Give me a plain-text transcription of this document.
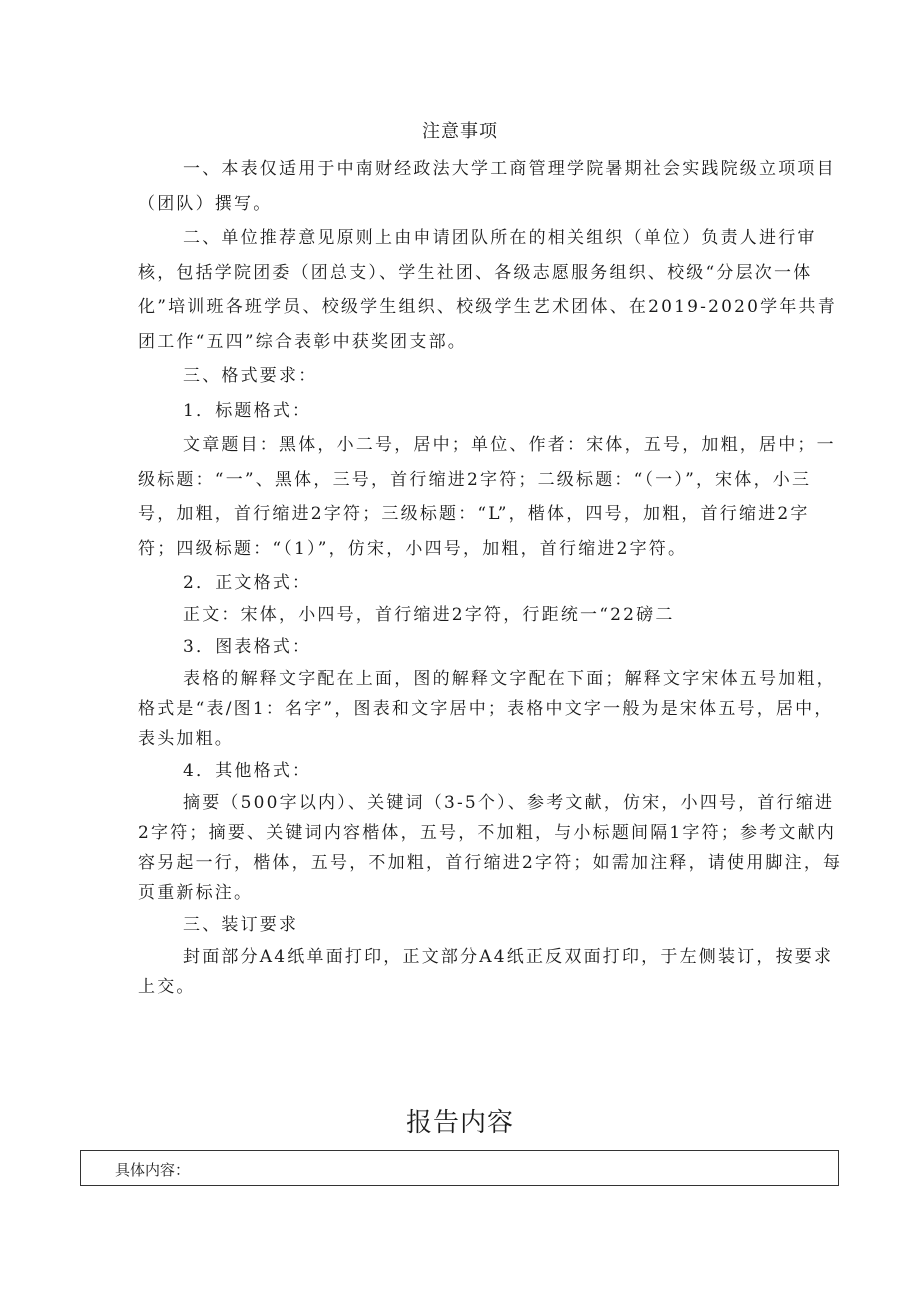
注意事项

一、本表仅适用于中南财经政法大学工商管理学院暑期社会实践院级立项项目（团队）撰写。

二、单位推荐意见原则上由申请团队所在的相关组织（单位）负责人进行审核，包括学院团委（团总支）、学生社团、各级志愿服务组织、校级“分层次一体化”培训班各班学员、校级学生组织、校级学生艺术团体、在2019-2020学年共青团工作“五四”综合表彰中获奖团支部。

三、格式要求：

1．标题格式：

文章题目：黑体，小二号，居中；单位、作者：宋体，五号，加粗，居中；一级标题：“一”、黑体，三号，首行缩进2字符；二级标题：“（一）”，宋体，小三号，加粗，首行缩进2字符；三级标题：“L”，楷体，四号，加粗，首行缩进2字符；四级标题：“（1）”，仿宋，小四号，加粗，首行缩进2字符。

2．正文格式：

正文：宋体，小四号，首行缩进2字符，行距统一“22磅二

3．图表格式：

表格的解释文字配在上面，图的解释文字配在下面；解释文字宋体五号加粗，格式是“表/图1：名字”，图表和文字居中；表格中文字一般为是宋体五号，居中，表头加粗。

4．其他格式：

摘要（500字以内）、关键词（3-5个）、参考文献，仿宋，小四号，首行缩进2字符；摘要、关键词内容楷体，五号，不加粗，与小标题间隔1字符；参考文献内容另起一行，楷体，五号，不加粗，首行缩进2字符；如需加注释，请使用脚注，每页重新标注。

三、装订要求

封面部分A4纸单面打印，正文部分A4纸正反双面打印，于左侧装订，按要求上交。

报告内容
具体内容：
